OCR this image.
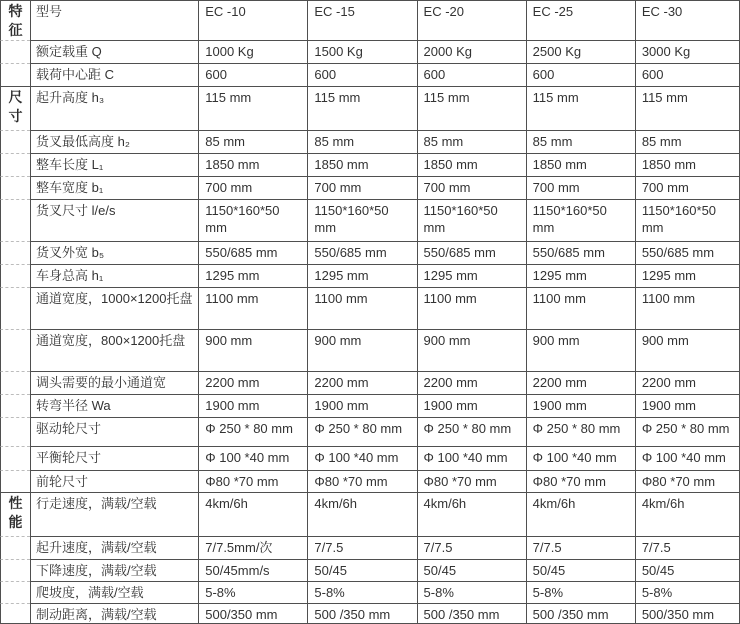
特征	型号	EC -10	EC -15	EC -20	EC -25	EC -30
	额定载重 Q	1000 Kg	1500 Kg	2000 Kg	2500 Kg	3000 Kg
	载荷中心距 C	600	600	600	600	600
尺寸	起升高度 h₃	115 mm	115 mm	115 mm	115 mm	115 mm
	货叉最低高度 h₂	85 mm	85 mm	85 mm	85 mm	85 mm
	整车长度 L₁	1850 mm	1850 mm	1850 mm	1850 mm	1850 mm
	整车宽度 b₁	700 mm	700 mm	700 mm	700 mm	700 mm
	货叉尺寸 l/e/s	1150*160*50 mm	1150*160*50 mm	1150*160*50 mm	1150*160*50 mm	1150*160*50 mm
	货叉外宽 b₅	550/685 mm	550/685 mm	550/685 mm	550/685 mm	550/685 mm
	车身总高 h₁	1295 mm	1295 mm	1295 mm	1295 mm	1295 mm
	通道宽度，1000×1200托盘	1100 mm	1100 mm	1100 mm	1100 mm	1100 mm
	通道宽度，800×1200托盘	900 mm	900 mm	900 mm	900 mm	900 mm
	调头需要的最小通道宽	2200 mm	2200 mm	2200 mm	2200 mm	2200 mm
	转弯半径 Wa	1900 mm	1900 mm	1900 mm	1900 mm	1900 mm
	驱动轮尺寸	Φ 250 * 80 mm	Φ 250 * 80 mm	Φ 250 * 80 mm	Φ 250 * 80 mm	Φ 250 * 80 mm
	平衡轮尺寸	Φ 100 *40 mm	Φ 100 *40 mm	Φ 100 *40 mm	Φ 100 *40 mm	Φ 100 *40 mm
	前轮尺寸	Φ80 *70 mm	Φ80 *70 mm	Φ80 *70 mm	Φ80 *70 mm	Φ80 *70 mm
性能	行走速度，满载/空载	4km/6h	4km/6h	4km/6h	4km/6h	4km/6h
	起升速度，满载/空载	7/7.5mm/次	7/7.5	7/7.5	7/7.5	7/7.5
	下降速度，满载/空载	50/45mm/s	50/45	50/45	50/45	50/45
	爬坡度，满载/空载	5-8%	5-8%	5-8%	5-8%	5-8%
	制动距离，满载/空载	500/350 mm	500 /350 mm	500 /350 mm	500 /350 mm	500/350 mm
